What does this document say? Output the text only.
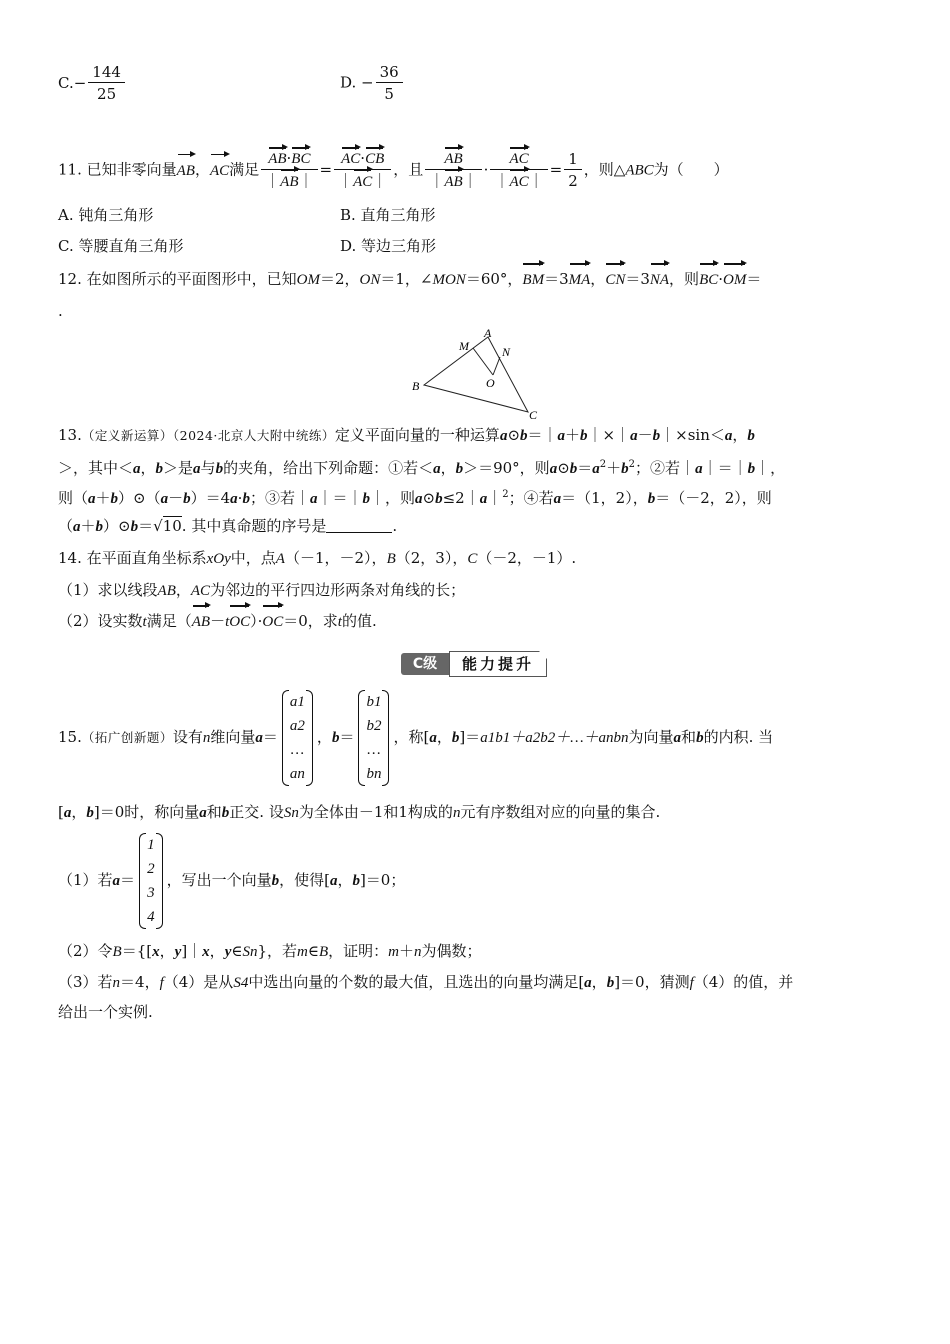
$C.- \frac{144}{25}$	D. − $\frac{36}{5}$
11. 已知非零向量AB，AC满足 $\frac{AB\cdot BC}{|AB|} = \frac{AC\cdot CB}{|AC|}$ ，且 $\frac{AB}{|AB|} \cdot \frac{AC}{|AC|} = \frac{1}{2}$ ，则△ABC为（　　）
A. 钝角三角形	B. 直角三角形
C. 等腰直角三角形	D. 等边三角形
12. 在如图所示的平面图形中，已知OM＝2，ON＝1，∠MON＝60°，BM＝3MA，CN＝3NA，则BC·OM＝
.
A
M	N
B	O
C
13.（定义新运算）（2024·北京人大附中统练）定义平面向量的一种运算a⊙b＝｜a＋b｜×｜a－b｜×sin＜a，b
＞，其中＜a，b＞是a与b的夹角，给出下列命题：①若＜a，b＞＝90°，则$a⊙b=a^2+b^2$；②若｜a｜＝｜b｜，
则（a＋b）⊙（a－b）＝4a·b；③若｜a｜＝｜b｜，则a⊙b≤2｜a｜$^2$；④若a＝（1，2），b＝（－2，2），则
（a＋b）⊙b＝√10. 其中真命题的序号是	.
14. 在平面直角坐标系xOy中，点A（－1，－2），B（2，3），C（－2，－1）.
（1）求以线段AB，AC为邻边的平行四边形两条对角线的长；
（2）设实数t满足（AB－tOC）·OC＝0，求t的值.
C级	能力提升
15.（拓广创新题）设有n维向量a＝
a1
a2
…
an
，b＝
b1
b2
…
bn
，称[a，b]＝a1b1＋a2b2＋…＋anbn为向量a和b的内积. 当
[a，b]＝0时，称向量a和b正交. 设Sn为全体由－1和1构成的n元有序数组对应的向量的集合.
（1）若a＝
1
2
3
4
，写出一个向量b，使得[a，b]＝0；
（2）令B＝{[x，y]｜x，y∈Sn}，若m∈B，证明：m＋n为偶数；
（3）若n＝4，f（4）是从S4中选出向量的个数的最大值，且选出的向量均满足[a，b]＝0，猜测f（4）的值，并
给出一个实例.
